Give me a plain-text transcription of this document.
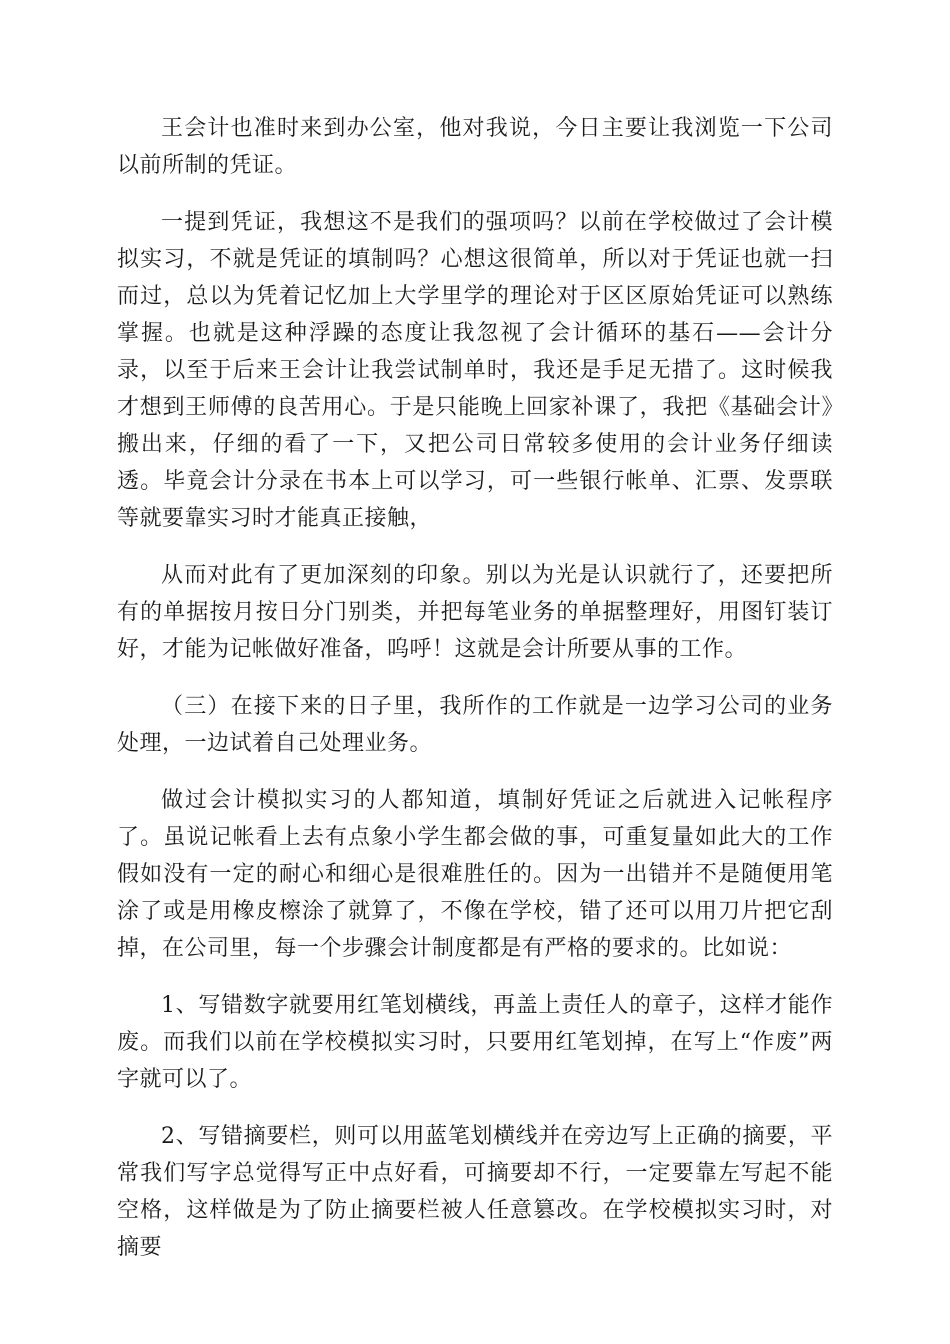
王会计也准时来到办公室，他对我说，今日主要让我浏览一下公司以前所制的凭证。

一提到凭证，我想这不是我们的强项吗？以前在学校做过了会计模拟实习，不就是凭证的填制吗？心想这很简单，所以对于凭证也就一扫而过，总以为凭着记忆加上大学里学的理论对于区区原始凭证可以熟练掌握。也就是这种浮躁的态度让我忽视了会计循环的基石——会计分录，以至于后来王会计让我尝试制单时，我还是手足无措了。这时候我才想到王师傅的良苦用心。于是只能晚上回家补课了，我把《基础会计》搬出来，仔细的看了一下，又把公司日常较多使用的会计业务仔细读透。毕竟会计分录在书本上可以学习，可一些银行帐单、汇票、发票联等就要靠实习时才能真正接触，

从而对此有了更加深刻的印象。别以为光是认识就行了，还要把所有的单据按月按日分门别类，并把每笔业务的单据整理好，用图钉装订好，才能为记帐做好准备，呜呼！这就是会计所要从事的工作。

（三）在接下来的日子里，我所作的工作就是一边学习公司的业务处理，一边试着自己处理业务。

做过会计模拟实习的人都知道，填制好凭证之后就进入记帐程序了。虽说记帐看上去有点象小学生都会做的事，可重复量如此大的工作假如没有一定的耐心和细心是很难胜任的。因为一出错并不是随便用笔涂了或是用橡皮檫涂了就算了，不像在学校，错了还可以用刀片把它刮掉，在公司里，每一个步骤会计制度都是有严格的要求的。比如说：

1、写错数字就要用红笔划横线，再盖上责任人的章子，这样才能作废。而我们以前在学校模拟实习时，只要用红笔划掉，在写上“作废”两字就可以了。

2、写错摘要栏，则可以用蓝笔划横线并在旁边写上正确的摘要，平常我们写字总觉得写正中点好看，可摘要却不行，一定要靠左写起不能空格，这样做是为了防止摘要栏被人任意篡改。在学校模拟实习时，对摘要
